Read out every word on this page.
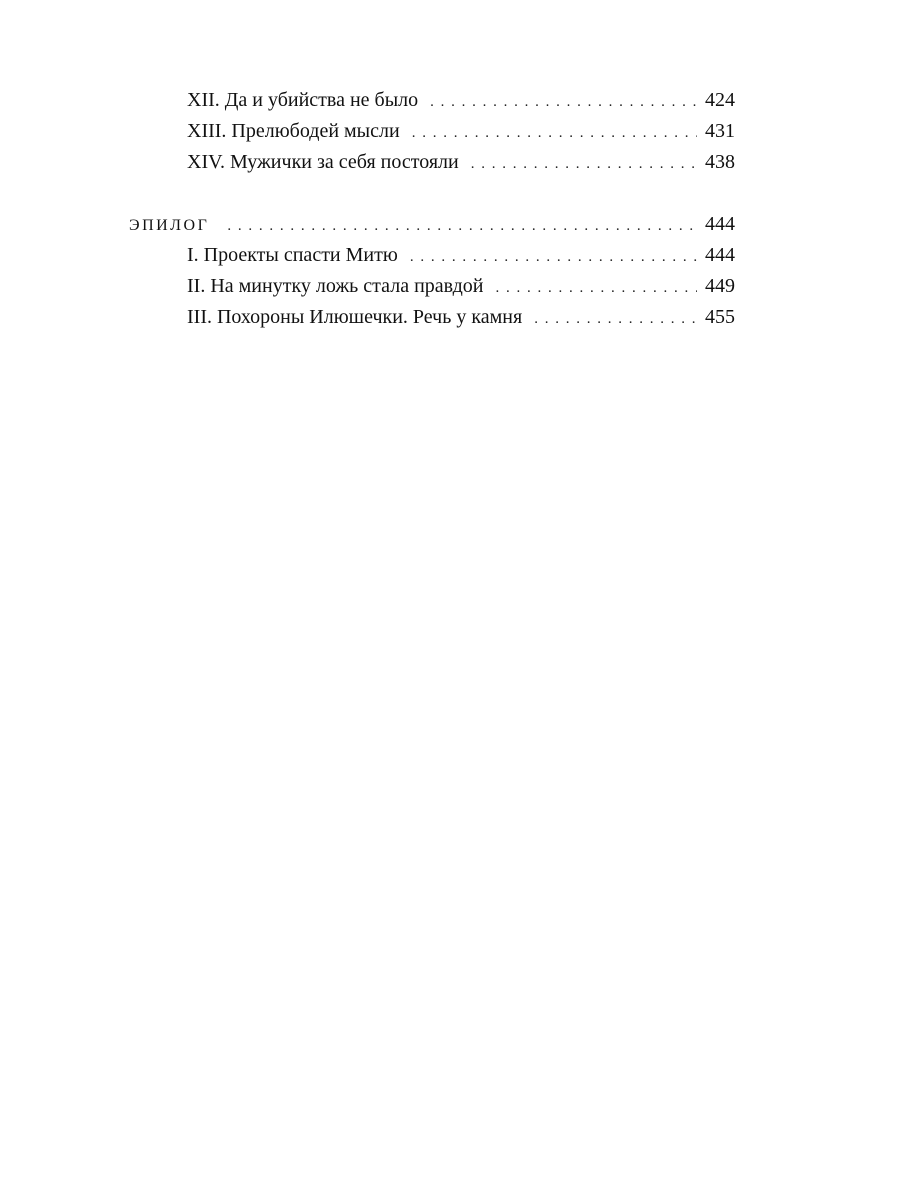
XII. Да и убийства не было . . .	424
XIII. Прелюбодей мысли . . .	431
XIV. Мужички за себя постояли . . .	438
ЭПИЛОГ . . .	444
I. Проекты спасти Митю . . .	444
II. На минутку ложь стала правдой . . .	449
III. Похороны Илюшечки. Речь у камня . . .	455
